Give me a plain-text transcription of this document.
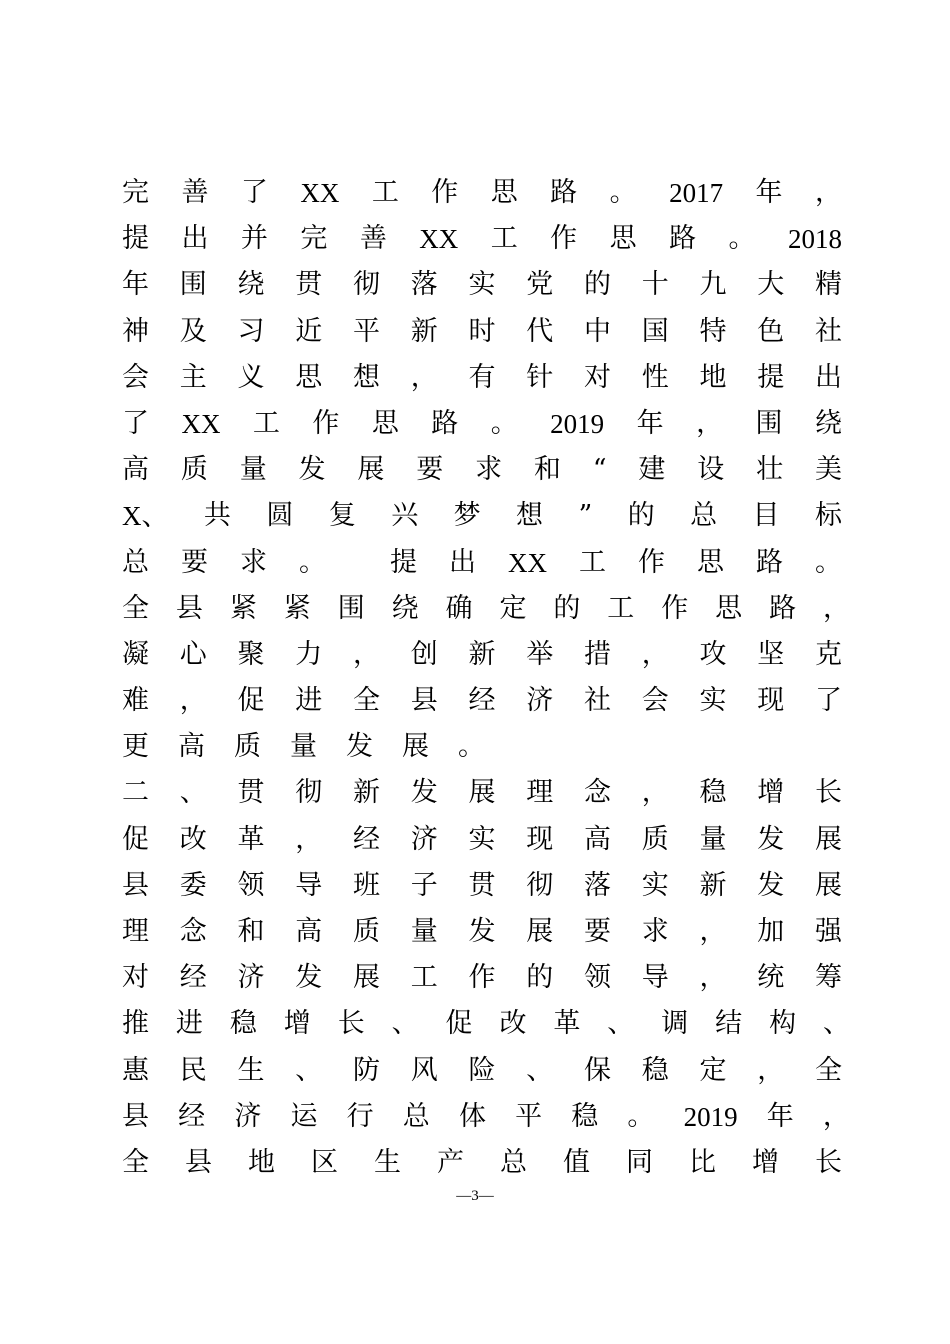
完 善 了 XX 工 作 思 路 。 2017 年 ，
提 出 并 完 善 XX 工 作 思 路 。 2018
年 围 绕 贯 彻 落 实 党 的 十 九 大 精
神 及 习 近 平 新 时 代 中 国 特 色 社
会 主 义 思 想 ， 有 针 对 性 地 提 出
了 XX 工 作 思 路 。 2019 年 ， 围 绕
高 质 量 发 展 要 求 和 “ 建 设 壮 美
X、 共 圆 复 兴 梦 想 ” 的 总 目 标
总 要 求 。 提 出 XX 工 作 思 路 。
全 县 紧 紧 围 绕 确 定 的 工 作 思 路 ，
凝 心 聚 力 ， 创 新 举 措 ， 攻 坚 克
难 ， 促 进 全 县 经 济 社 会 实 现 了
更 高 质 量 发 展 。
二 、 贯 彻 新 发 展 理 念 ， 稳 增 长
促 改 革 ， 经 济 实 现 高 质 量 发 展
县 委 领 导 班 子 贯 彻 落 实 新 发 展
理 念 和 高 质 量 发 展 要 求 ， 加 强
对 经 济 发 展 工 作 的 领 导 ， 统 筹
推 进 稳 增 长 、 促 改 革 、 调 结 构 、
惠 民 生 、 防 风 险 、 保 稳 定 ， 全
县 经 济 运 行 总 体 平 稳 。 2019 年 ，
全 县 地 区 生 产 总 值 同 比 增 长
—3—
